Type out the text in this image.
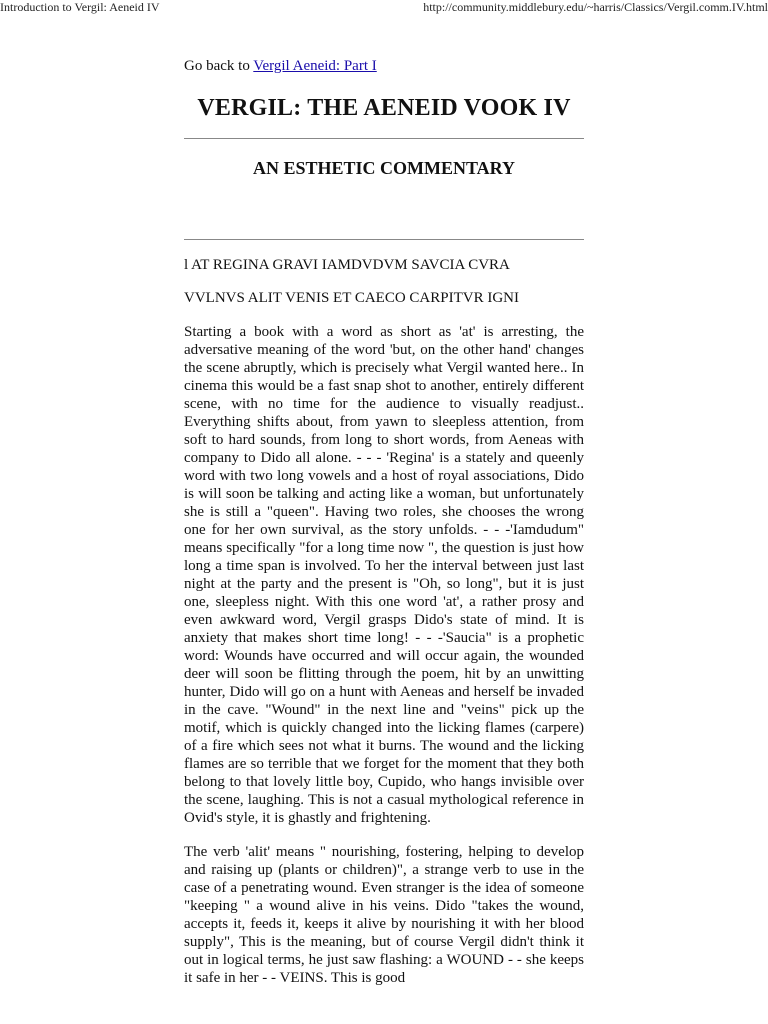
Introduction to Vergil: Aeneid IV	http://community.middlebury.edu/~harris/Classics/Vergil.comm.IV.html

Go back to Vergil Aeneid: Part I

VERGIL: THE AENEID VOOK IV
AN ESTHETIC COMMENTARY

l AT REGINA GRAVI IAMDVDVM SAVCIA CVRA

VVLNVS ALIT VENIS ET CAECO CARPITVR IGNI

Starting a book with a word as short as 'at' is arresting, the adversative meaning of the word 'but, on the other hand' changes the scene abruptly, which is precisely what Vergil wanted here.. In cinema this would be a fast snap shot to another, entirely different scene, with no time for the audience to visually readjust.. Everything shifts about, from yawn to sleepless attention, from soft to hard sounds, from long to short words, from Aeneas with company to Dido all alone. - - - 'Regina' is a stately and queenly word with two long vowels and a host of royal associations, Dido is will soon be talking and acting like a woman, but unfortunately she is still a "queen". Having two roles, she chooses the wrong one for her own survival, as the story unfolds. - - -'Iamdudum" means specifically "for a long time now ", the question is just how long a time span is involved. To her the interval between just last night at the party and the present is "Oh, so long", but it is just one, sleepless night. With this one word 'at', a rather prosy and even awkward word, Vergil grasps Dido's state of mind. It is anxiety that makes short time long! - - -'Saucia" is a prophetic word: Wounds have occurred and will occur again, the wounded deer will soon be flitting through the poem, hit by an unwitting hunter, Dido will go on a hunt with Aeneas and herself be invaded in the cave. "Wound" in the next line and "veins" pick up the motif, which is quickly changed into the licking flames (carpere) of a fire which sees not what it burns. The wound and the licking flames are so terrible that we forget for the moment that they both belong to that lovely little boy, Cupido, who hangs invisible over the scene, laughing. This is not a casual mythological reference in Ovid's style, it is ghastly and frightening.

The verb 'alit' means " nourishing, fostering, helping to develop and raising up (plants or children)", a strange verb to use in the case of a penetrating wound. Even stranger is the idea of someone "keeping " a wound alive in his veins. Dido "takes the wound, accepts it, feeds it, keeps it alive by nourishing it with her blood supply", This is the meaning, but of course Vergil didn't think it out in logical terms, he just saw flashing: a WOUND - - she keeps it safe in her - - VEINS. This is good
